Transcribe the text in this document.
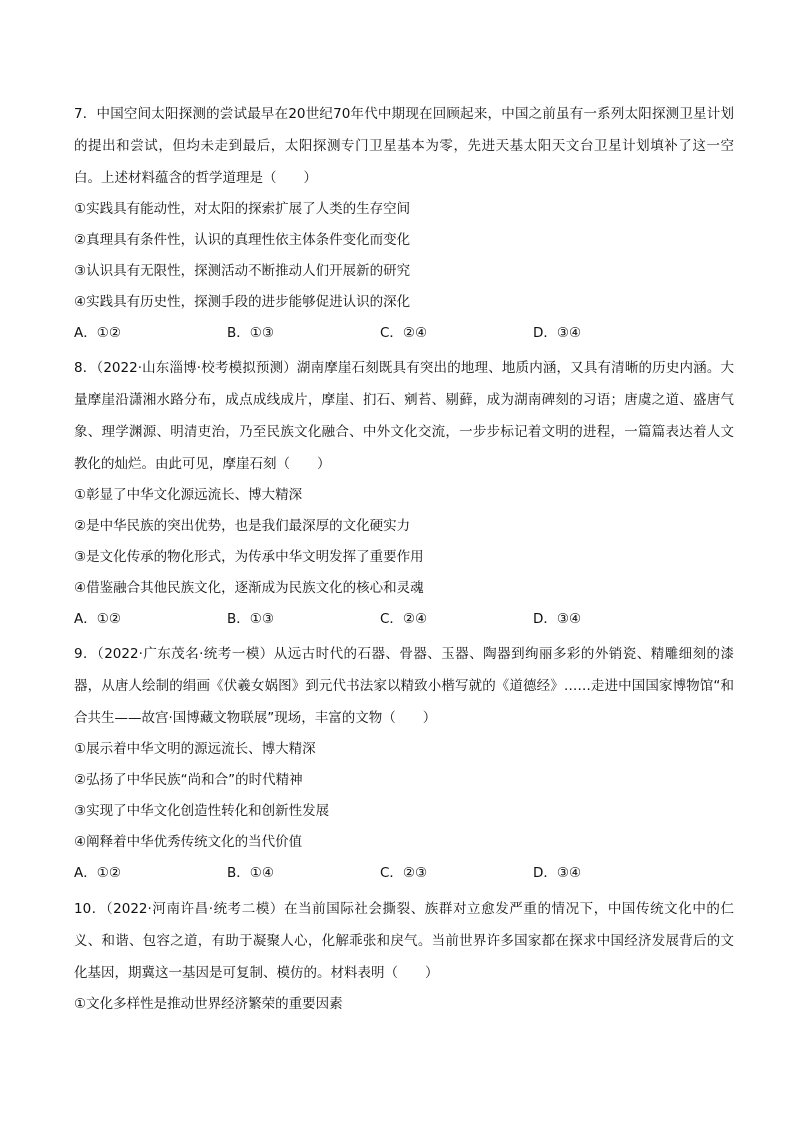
7．中国空间太阳探测的尝试最早在20世纪70年代中期现在回顾起来，中国之前虽有一系列太阳探测卫星计划的提出和尝试，但均未走到最后，太阳探测专门卫星基本为零，先进天基太阳天文台卫星计划填补了这一空白。上述材料蕴含的哲学道理是（　　）

①实践具有能动性，对太阳的探索扩展了人类的生存空间

②真理具有条件性，认识的真理性依主体条件变化而变化

③认识具有无限性，探测活动不断推动人们开展新的研究

④实践具有历史性，探测手段的进步能够促进认识的深化

A．①②	B．①③	C．②④	D．③④

8．（2022·山东淄博·校考模拟预测）湖南摩崖石刻既具有突出的地理、地质内涵，又具有清晰的历史内涵。大量摩崖沿潇湘水路分布，成点成线成片，摩崖、扪石、剜苔、剔藓，成为湖南碑刻的习语；唐虞之道、盛唐气象、理学渊源、明清吏治，乃至民族文化融合、中外文化交流，一步步标记着文明的进程，一篇篇表达着人文教化的灿烂。由此可见，摩崖石刻（　　）

①彰显了中华文化源远流长、博大精深

②是中华民族的突出优势，也是我们最深厚的文化硬实力

③是文化传承的物化形式，为传承中华文明发挥了重要作用

④借鉴融合其他民族文化，逐渐成为民族文化的核心和灵魂

A．①②	B．①③	C．②④	D．③④

9．（2022·广东茂名·统考一模）从远古时代的石器、骨器、玉器、陶器到绚丽多彩的外销瓷、精雕细刻的漆器，从唐人绘制的绢画《伏羲女娲图》到元代书法家以精致小楷写就的《道德经》……走进中国国家博物馆“和合共生——故宫·国博藏文物联展”现场，丰富的文物（　　）

①展示着中华文明的源远流长、博大精深

②弘扬了中华民族“尚和合”的时代精神

③实现了中华文化创造性转化和创新性发展

④阐释着中华优秀传统文化的当代价值

A．①②	B．①④	C．②③	D．③④

10．（2022·河南许昌·统考二模）在当前国际社会撕裂、族群对立愈发严重的情况下，中国传统文化中的仁义、和谐、包容之道，有助于凝聚人心，化解乖张和戾气。当前世界许多国家都在探求中国经济发展背后的文化基因，期冀这一基因是可复制、模仿的。材料表明（　　）

①文化多样性是推动世界经济繁荣的重要因素
